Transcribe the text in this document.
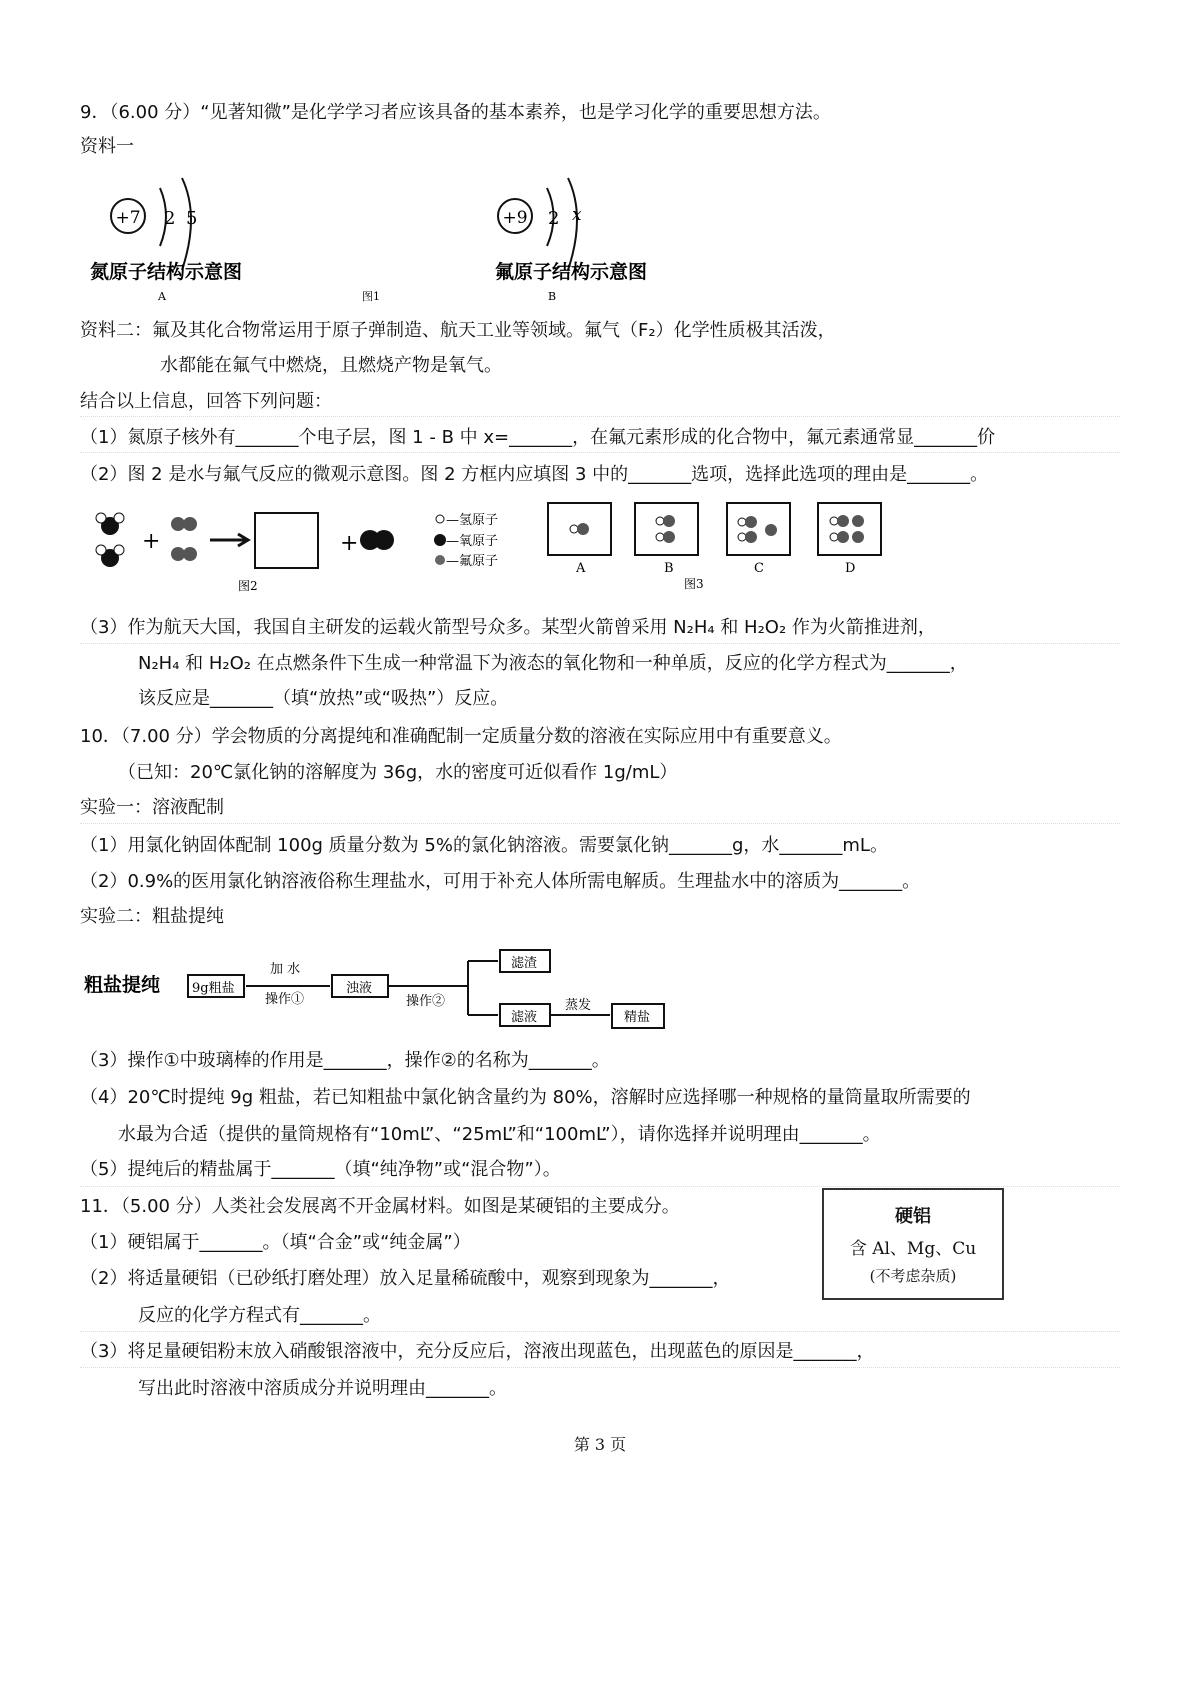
9．（6.00 分）“见著知微”是化学学习者应该具备的基本素养，也是学习化学的重要思想方法。
资料一
+7 2 5
氮原子结构示意图
A	图1
+9 2 x
氟原子结构示意图
B
资料二：氟及其化合物常运用于原子弹制造、航天工业等领域。氟气（F₂）化学性质极其活泼，
水都能在氟气中燃烧，且燃烧产物是氧气。
结合以上信息，回答下列问题：
（1）氮原子核外有_______个电子层，图 1 - B 中 x=_______，在氟元素形成的化合物中，氟元素通常显_______价
（2）图 2 是水与氟气反应的微观示意图。图 2 方框内应填图 3 中的_______选项，选择此选项的理由是_______。
+
图2
+
—氢原子
—氧原子
—氟原子	A	B
图3
C	D
（3）作为航天大国，我国自主研发的运载火箭型号众多。某型火箭曾采用 N₂H₄ 和 H₂O₂ 作为火箭推进剂，
N₂H₄ 和 H₂O₂ 在点燃条件下生成一种常温下为液态的氧化物和一种单质，反应的化学方程式为_______，
该反应是_______（填“放热”或“吸热”）反应。
10．（7.00 分）学会物质的分离提纯和准确配制一定质量分数的溶液在实际应用中有重要意义。
（已知：20℃氯化钠的溶解度为 36g，水的密度可近似看作 1g/mL）
实验一：溶液配制
（1）用氯化钠固体配制 100g 质量分数为 5%的氯化钠溶液。需要氯化钠_______g，水_______mL。
（2）0.9%的医用氯化钠溶液俗称生理盐水，可用于补充人体所需电解质。生理盐水中的溶质为_______。
实验二：粗盐提纯
粗盐提纯 9g粗盐
加 水
操作①
浊液
操作②
滤渣
滤液
蒸发
精盐
（3）操作①中玻璃棒的作用是_______，操作②的名称为_______。
（4）20℃时提纯 9g 粗盐，若已知粗盐中氯化钠含量约为 80%，溶解时应选择哪一种规格的量筒量取所需要的
水最为合适（提供的量筒规格有“10mL”、“25mL”和“100mL”），请你选择并说明理由_______。
（5）提纯后的精盐属于_______（填“纯净物”或“混合物”）。
11．（5.00 分）人类社会发展离不开金属材料。如图是某硬铝的主要成分。
（1）硬铝属于_______。（填“合金”或“纯金属”）
（2）将适量硬铝（已砂纸打磨处理）放入足量稀硫酸中，观察到现象为_______，
反应的化学方程式有_______。
（3）将足量硬铝粉末放入硝酸银溶液中，充分反应后，溶液出现蓝色，出现蓝色的原因是_______，
写出此时溶液中溶质成分并说明理由_______。
硬铝
含 Al、Mg、Cu
(不考虑杂质)
第 3 页
